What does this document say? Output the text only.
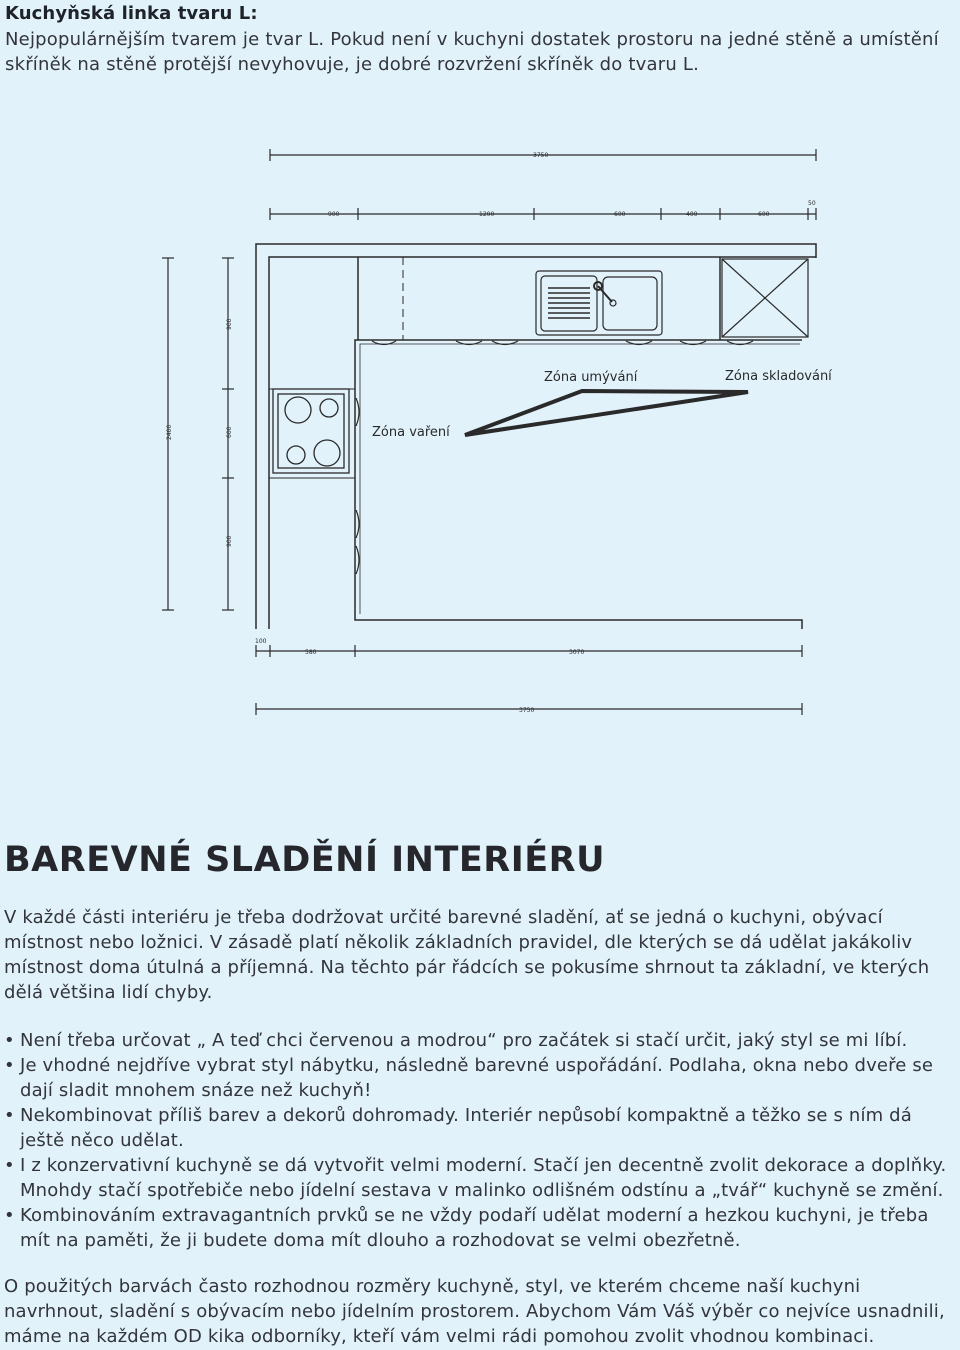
Kuchyňská linka tvaru L:

Nejpopulárnějším tvarem je tvar L. Pokud není v kuchyni dostatek prostoru na jedné stěně a umístění skříněk na stěně protější nevyhovuje, je dobré rozvržení skříněk do tvaru L.

3750
900	1200	600	400	600
50
100
580	3070
3750
2400
900
600
900
Zóna umývání	Zóna skladování
Zóna vaření
BAREVNÉ SLADĚNÍ INTERIÉRU

V každé části interiéru je třeba dodržovat určité barevné sladění, ať se jedná o kuchyni, obývací místnost nebo ložnici. V zásadě platí několik základních pravidel, dle kterých se dá udělat jakákoliv místnost doma útulná a příjemná. Na těchto pár řádcích se pokusíme shrnout ta základní, ve kterých dělá většina lidí chyby.

• Není třeba určovat „ A teď chci červenou a modrou“ pro začátek si stačí určit, jaký styl se mi líbí.
• Je vhodné nejdříve vybrat styl nábytku, následně barevné uspořádání. Podlaha, okna nebo dveře se dají sladit mnohem snáze než kuchyň!
• Nekombinovat příliš barev a dekorů dohromady. Interiér nepůsobí kompaktně a těžko se s ním dá ještě něco udělat.
• I z konzervativní kuchyně se dá vytvořit velmi moderní. Stačí jen decentně zvolit dekorace a doplňky. Mnohdy stačí spotřebiče nebo jídelní sestava v malinko odlišném odstínu a „tvář“ kuchyně se změní.
• Kombinováním extravagantních prvků se ne vždy podaří udělat moderní a hezkou kuchyni, je třeba mít na paměti, že ji budete doma mít dlouho a rozhodovat se velmi obezřetně.

O použitých barvách často rozhodnou rozměry kuchyně, styl, ve kterém chceme naší kuchyni navrhnout, sladění s obývacím nebo jídelním prostorem. Abychom Vám Váš výběr co nejvíce usnadnili, máme na každém OD kika odborníky, kteří vám velmi rádi pomohou zvolit vhodnou kombinaci.
